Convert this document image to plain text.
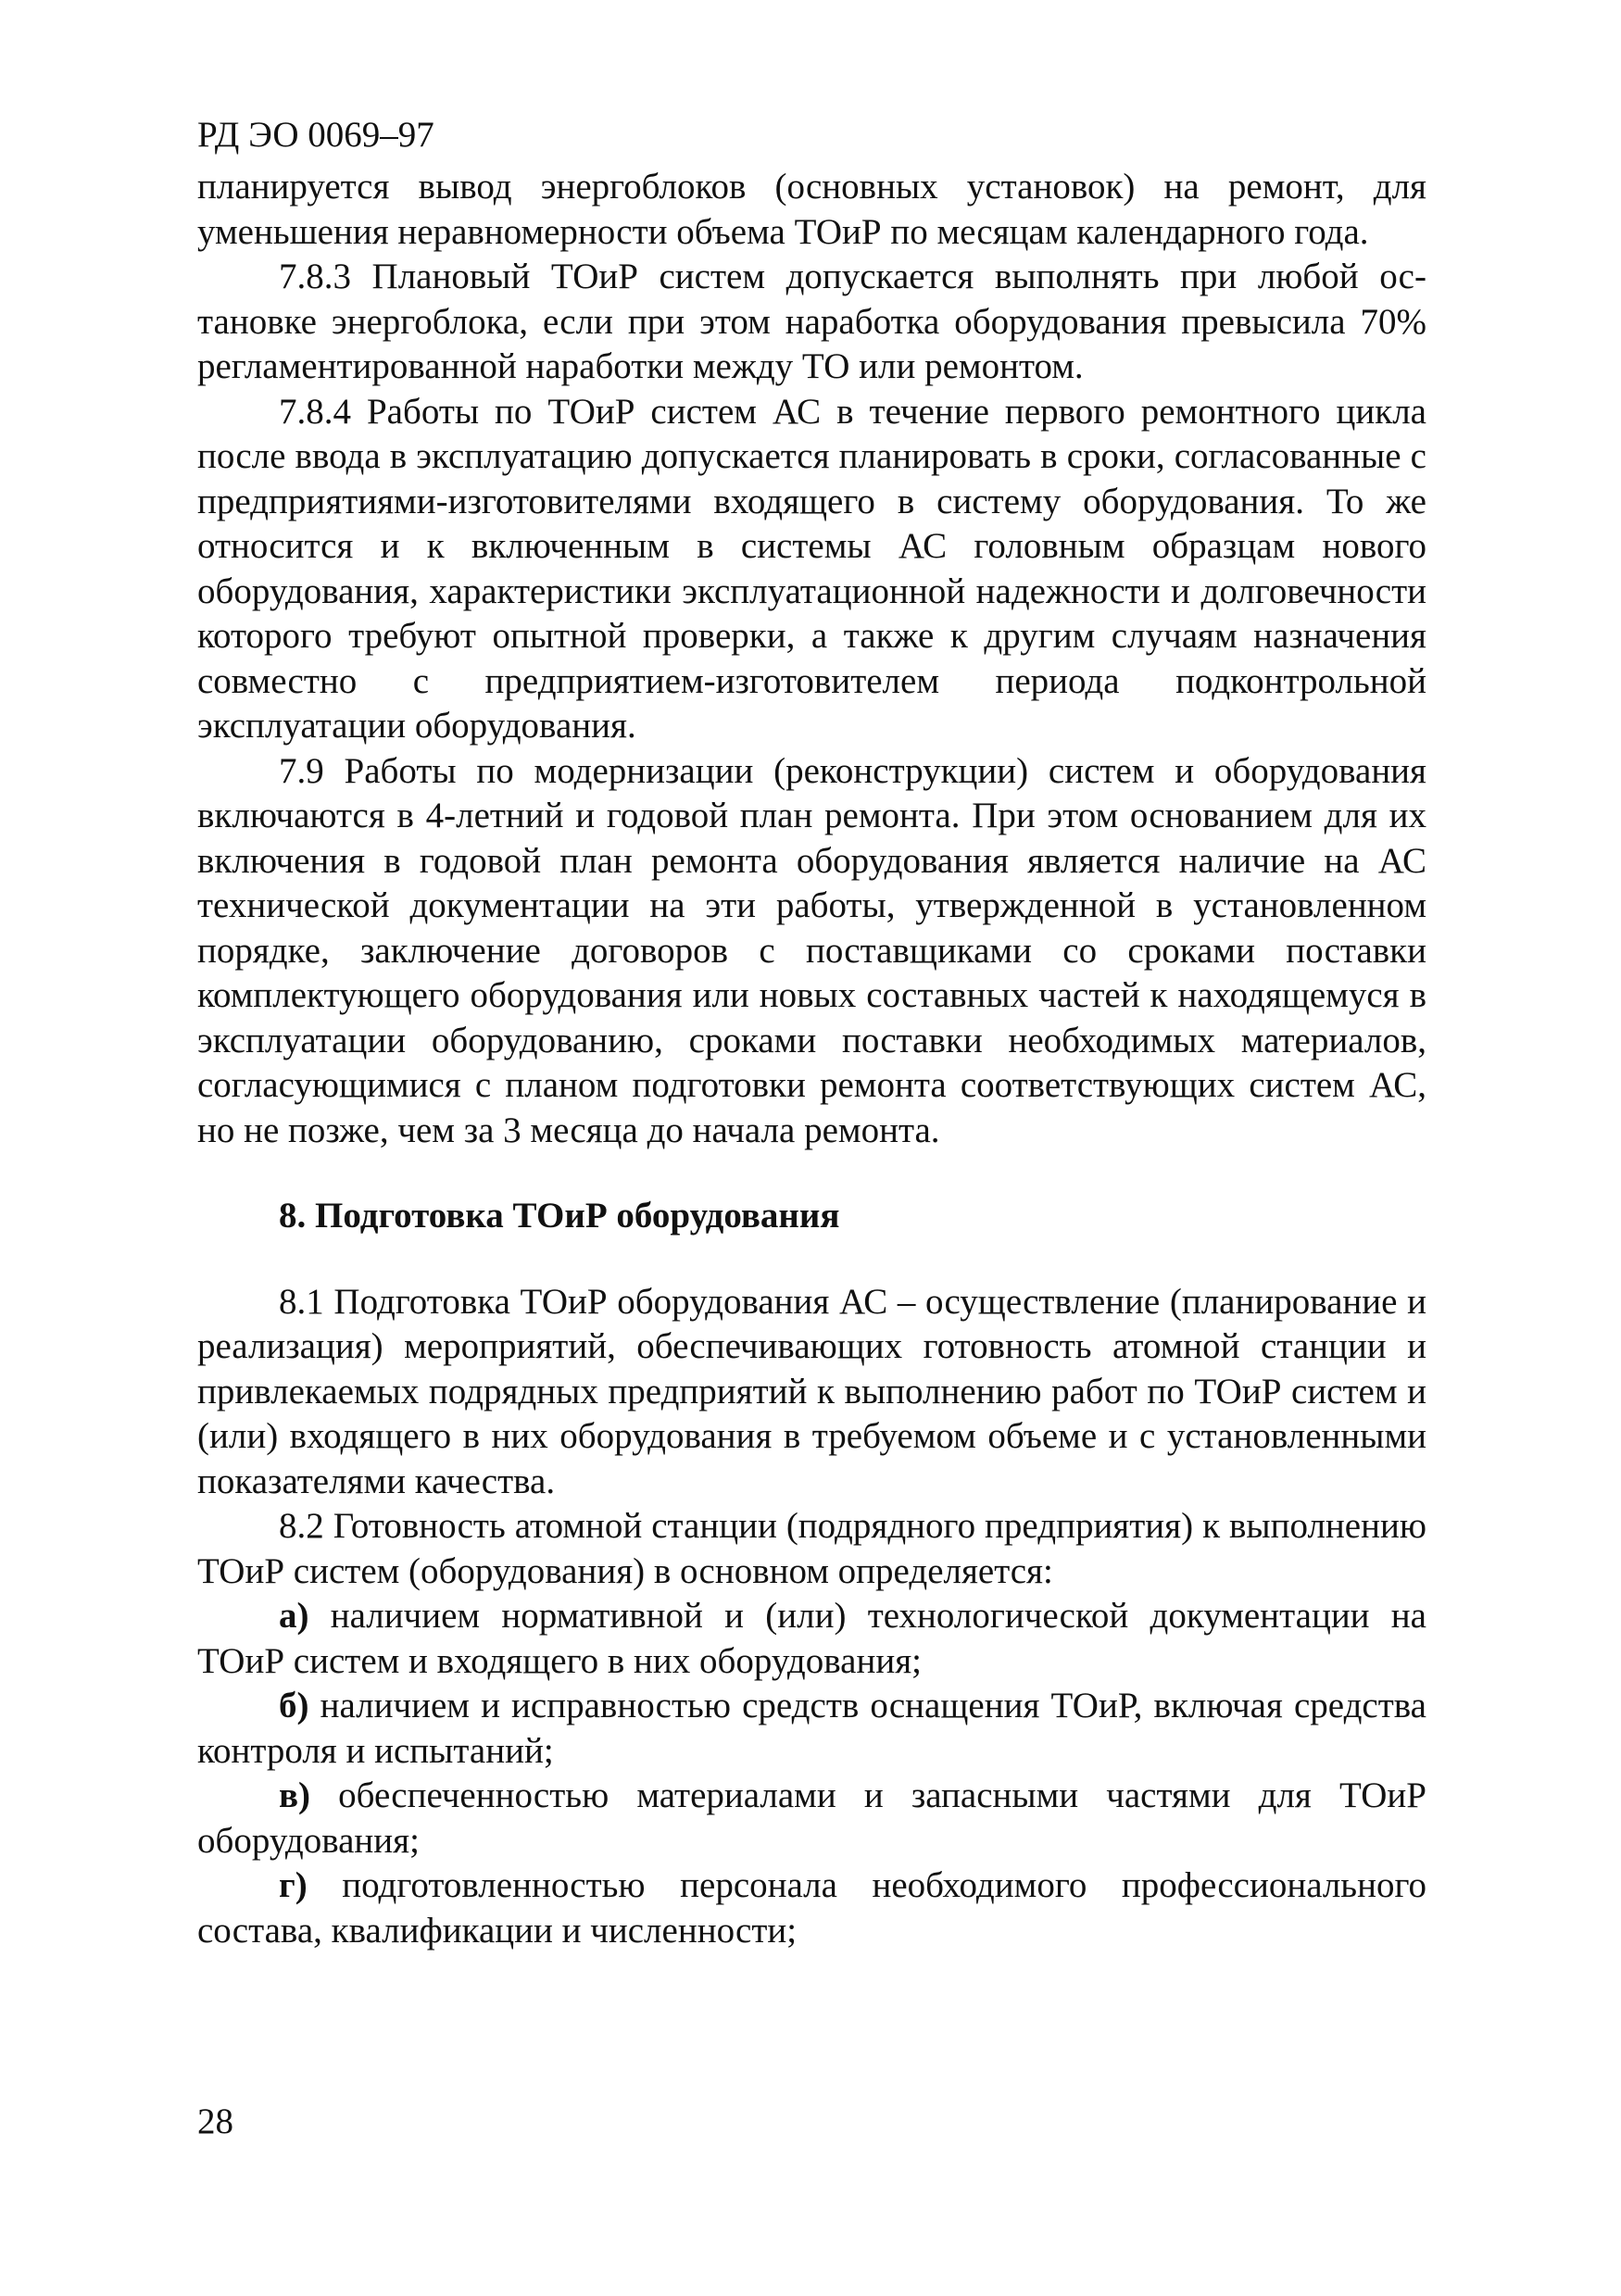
РД ЭО 0069–97

планируется вывод энергоблоков (основных установок) на ремонт, для уменьшения неравномерности объема ТОиР по месяцам календарного года.

7.8.3 Плановый ТОиР систем допускается выполнять при любой остановке энергоблока, если при этом наработка оборудования превысила 70% регламентированной наработки между ТО или ремонтом.

7.8.4 Работы по ТОиР систем АС в течение первого ремонтного цикла после ввода в эксплуатацию допускается планировать в сроки, согласованные с предприятиями-изготовителями входящего в систему оборудования. То же относится и к включенным в системы АС головным образцам нового оборудования, характеристики эксплуатационной надежности и долговечности которого требуют опытной проверки, а также к другим случаям назначения совместно с предприятием-изготовителем периода подконтрольной эксплуатации оборудования.

7.9 Работы по модернизации (реконструкции) систем и оборудования включаются в 4-летний и годовой план ремонта. При этом основанием для их включения в годовой план ремонта оборудования является наличие на АС технической документации на эти работы, утвержденной в установленном порядке, заключение договоров с поставщиками со сроками поставки комплектующего оборудования или новых составных частей к находящемуся в эксплуатации оборудованию, сроками поставки необходимых материалов, согласующимися с планом подготовки ремонта соответствующих систем АС, но не позже, чем за 3 месяца до начала ремонта.

8. Подготовка ТОиР оборудования

8.1 Подготовка ТОиР оборудования АС – осуществление (планирование и реализация) мероприятий, обеспечивающих готовность атомной станции и привлекаемых подрядных предприятий к выполнению работ по ТОиР систем и (или) входящего в них оборудования в требуемом объеме и с установленными показателями качества.

8.2 Готовность атомной станции (подрядного предприятия) к выполнению ТОиР систем (оборудования) в основном определяется:

а) наличием нормативной и (или) технологической документации на ТОиР систем и входящего в них оборудования;

б) наличием и исправностью средств оснащения ТОиР, включая средства контроля и испытаний;

в) обеспеченностью материалами и запасными частями для ТОиР оборудования;

г) подготовленностью персонала необходимого профессионального состава, квалификации и численности;

28
